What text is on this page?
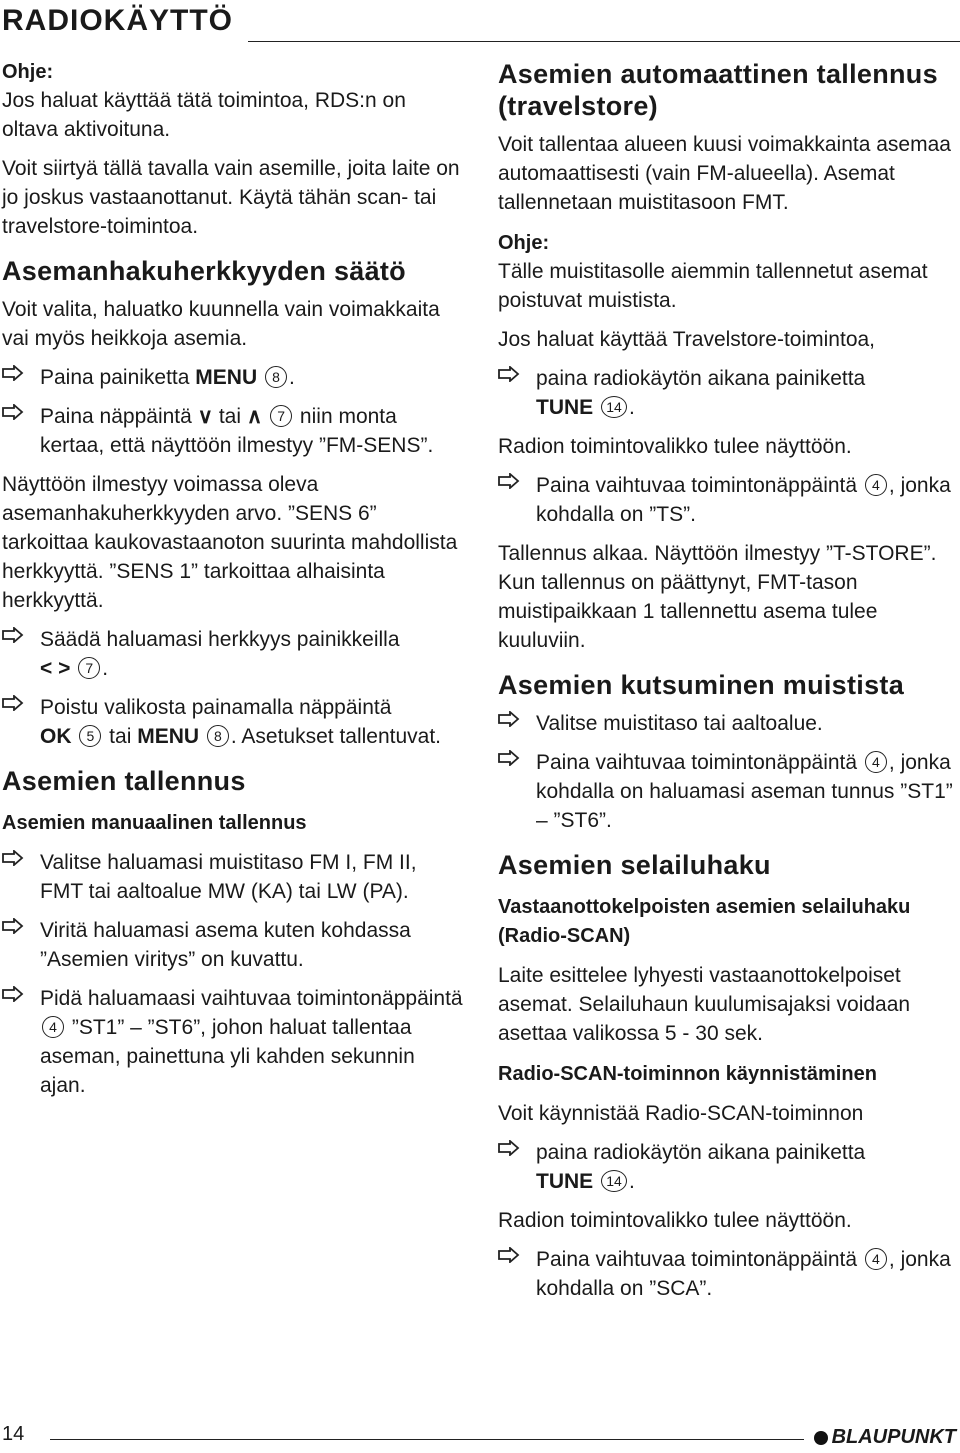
RADIOKÄYTTÖ

Ohje:

Jos haluat käyttää tätä toimintoa, RDS:n on oltava aktivoituna.

Voit siirtyä tällä tavalla vain asemille, joita laite on jo joskus vastaanottanut. Käytä tähän scan- tai travelstore-toimintoa.

Asemanhakuherkkyyden säätö

Voit valita, haluatko kuunnella vain voimakkaita vai myös heikkoja asemia.

Paina painiketta MENU 8 .
Paina näppäintä ∨ tai ∧ 7 niin monta kertaa, että näyttöön ilmestyy ”FM-SENS”.

Näyttöön ilmestyy voimassa oleva asemanhakuherkkyyden arvo. ”SENS 6” tarkoittaa kaukovastaanoton suurinta mahdollista herkkyyttä. ”SENS 1” tarkoittaa alhaisinta herkkyyttä.

Säädä haluamasi herkkyys painikkeilla
< > 7 .
Poistu valikosta painamalla näppäintä
OK 5 tai MENU 8 . Asetukset tallentuvat.
Asemien tallennus
Asemien manuaalinen tallennus
Valitse haluamasi muistitaso FM I, FM II, FMT tai aaltoalue MW (KA) tai LW (PA).
Viritä haluamasi asema kuten kohdassa ”Asemien viritys” on kuvattu.
Pidä haluamaasi vaihtuvaa toimintonäppäintä 4 ”ST1” – ”ST6”, johon haluat tallentaa aseman, painettuna yli kahden sekunnin ajan.
Asemien automaattinen tallennus (travelstore)

Voit tallentaa alueen kuusi voimakkainta asemaa automaattisesti (vain FM-alueella). Asemat tallennetaan muistitasoon FMT.

Ohje:

Tälle muistitasolle aiemmin tallennetut asemat poistuvat muistista.

Jos haluat käyttää Travelstore-toimintoa,

paina radiokäytön aikana painiketta
TUNE 14 .

Radion toimintovalikko tulee näyttöön.

Paina vaihtuvaa toimintonäppäintä 4 , jonka kohdalla on ”TS”.

Tallennus alkaa. Näyttöön ilmestyy ”T-STORE”. Kun tallennus on päättynyt, FMT-tason muistipaikkaan 1 tallennettu asema tulee kuuluviin.

Asemien kutsuminen muistista
Valitse muistitaso tai aaltoalue.
Paina vaihtuvaa toimintonäppäintä 4 , jonka kohdalla on haluamasi aseman tunnus ”ST1” – ”ST6”.
Asemien selailuhaku
Vastaanottokelpoisten asemien selailuhaku (Radio-SCAN)

Laite esittelee lyhyesti vastaanottokelpoiset asemat. Selailuhaun kuulumisajaksi voidaan asettaa valikossa 5 - 30 sek.

Radio-SCAN-toiminnon käynnistäminen

Voit käynnistää Radio-SCAN-toiminnon

paina radiokäytön aikana painiketta
TUNE 14 .

Radion toimintovalikko tulee näyttöön.

Paina vaihtuvaa toimintonäppäintä 4 , jonka kohdalla on ”SCA”.
14	BLAUPUNKT
